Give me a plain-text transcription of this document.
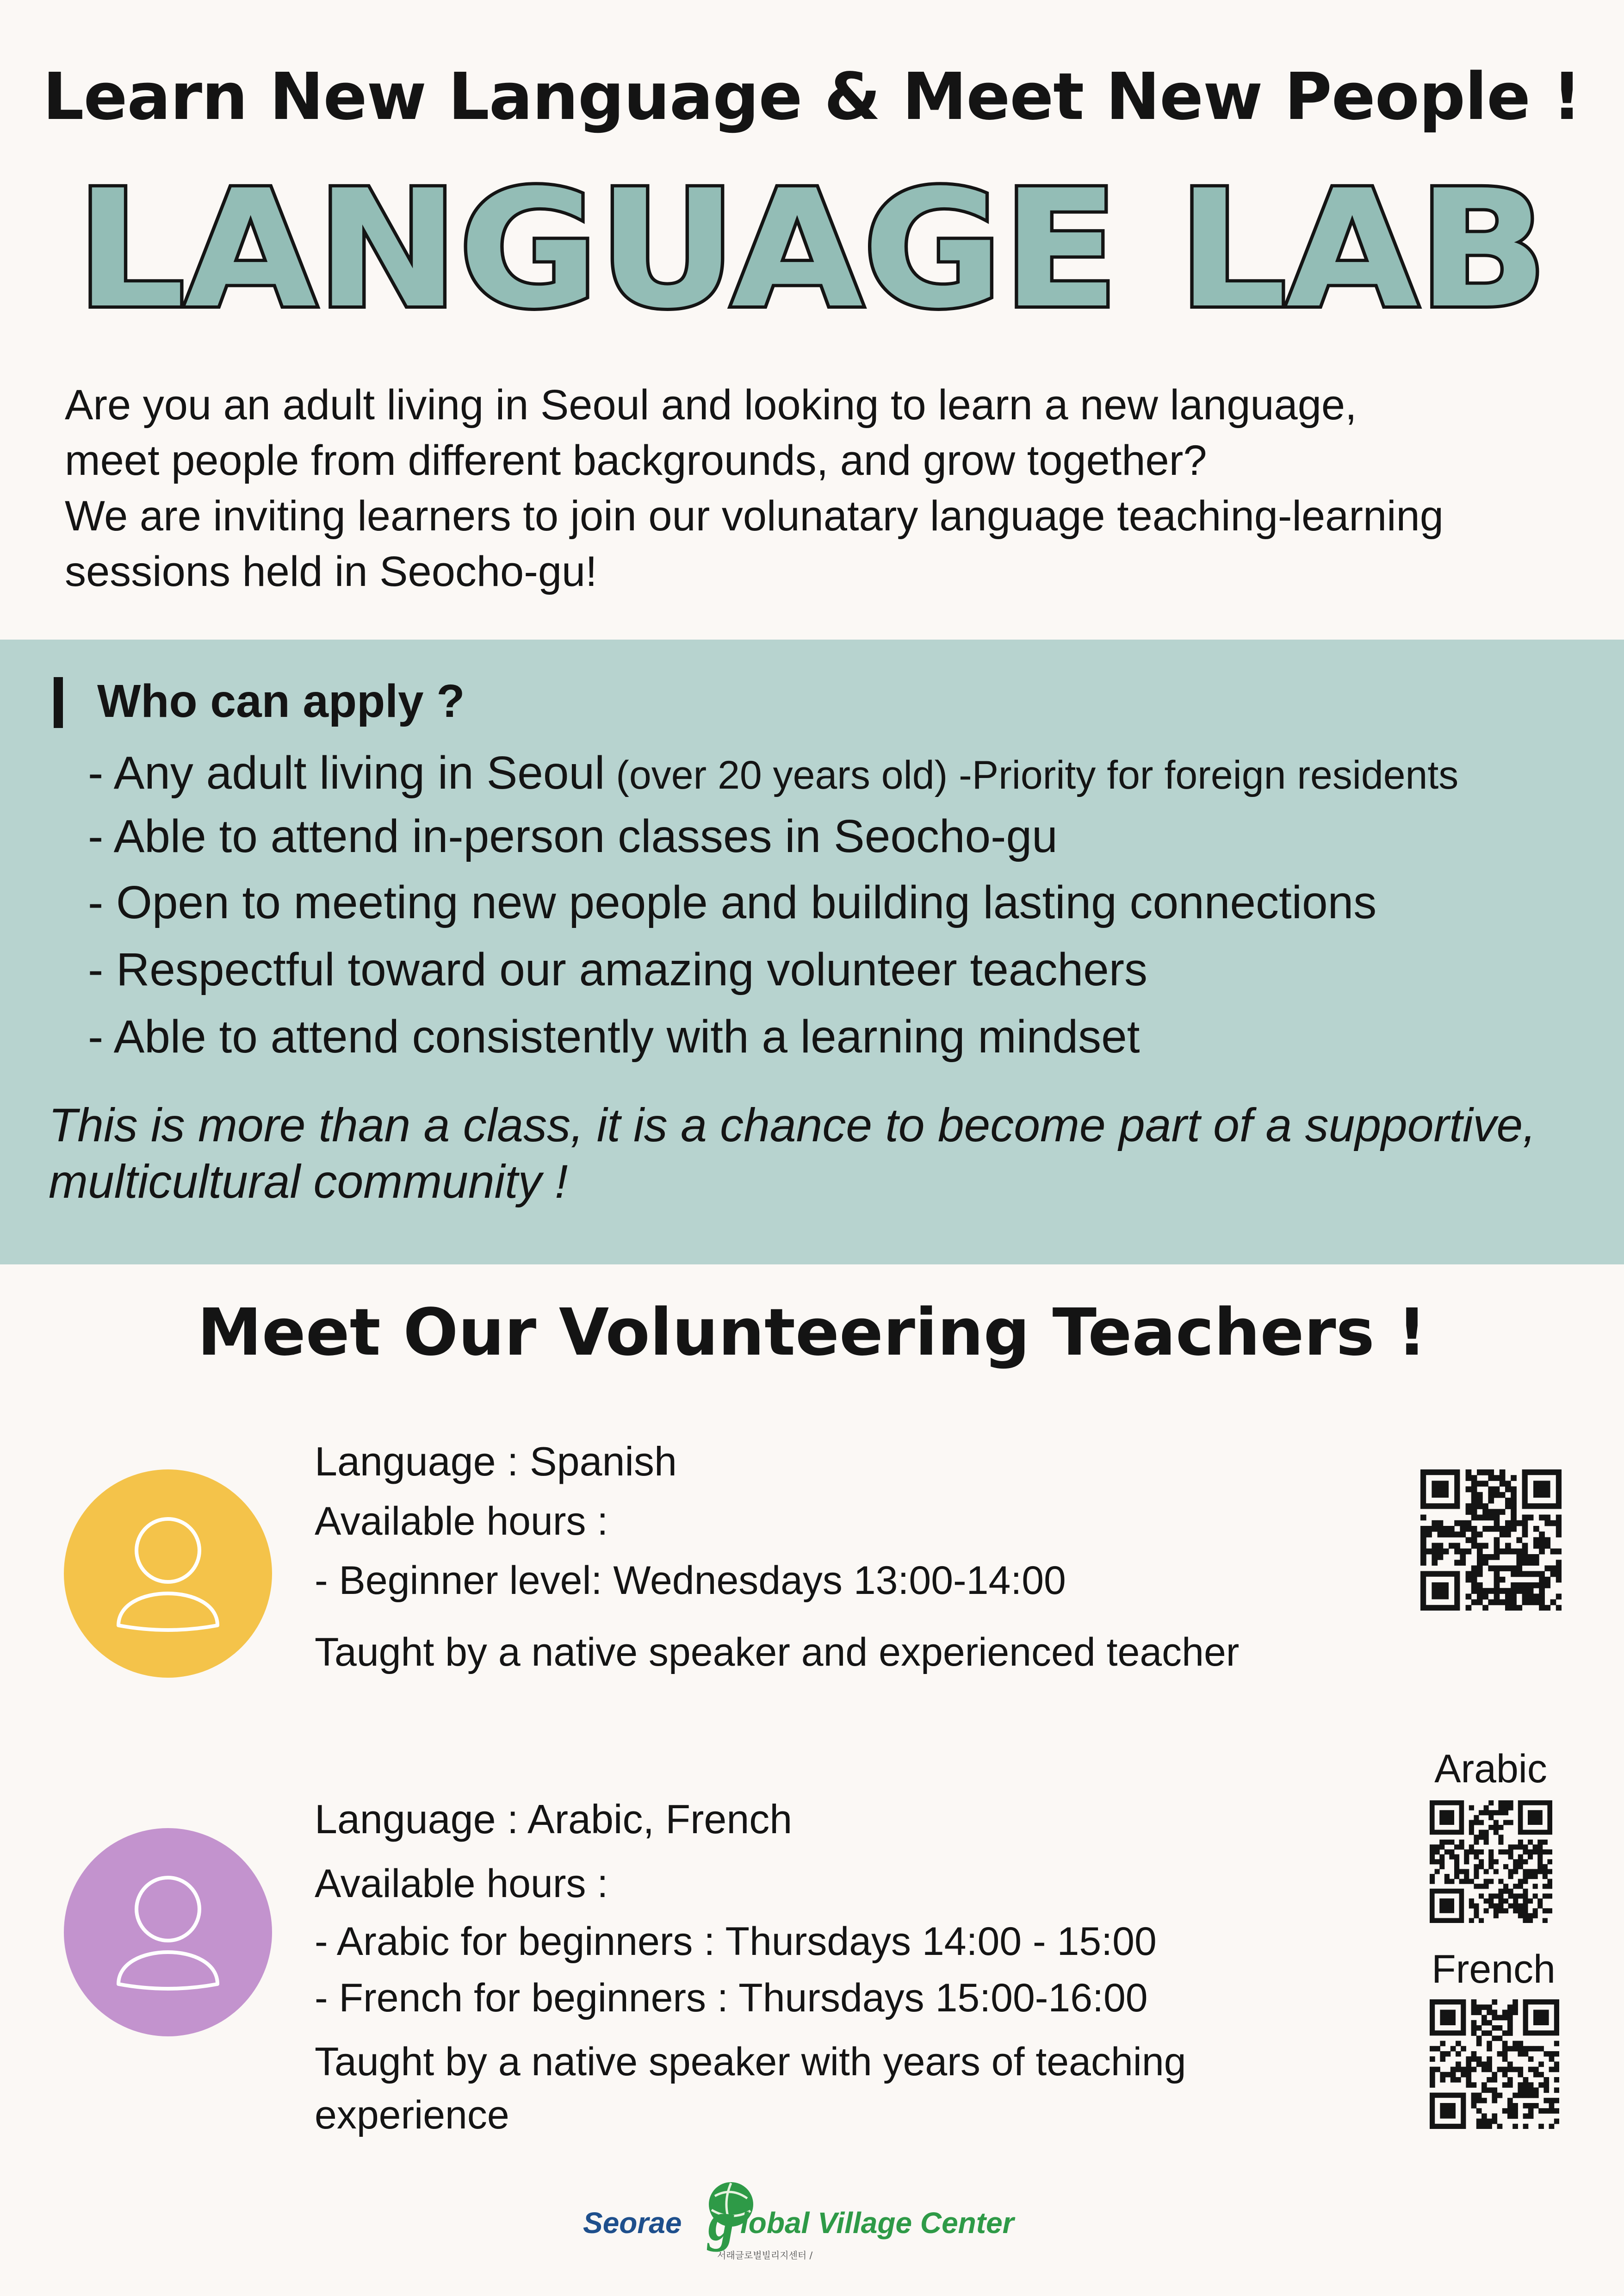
Learn New Language & Meet New People !
LANGUAGE LAB

Are you an adult living in Seoul and looking to learn a new language,

meet people from different backgrounds, and grow together?

We are inviting learners to join our volunatary language teaching-learning

sessions held in Seocho-gu!

Who can apply ?
- Any adult living in Seoul (over 20 years old) -Priority for foreign residents
- Able to attend in-person classes in Seocho-gu
- Open to meeting new people and building lasting connections
- Respectful toward our amazing volunteer teachers
- Able to attend consistently with a learning mindset
This is more than a class, it is a chance to become part of a supportive,
multicultural community !
Meet Our Volunteering Teachers !
Language : Spanish
Available hours :
- Beginner level: Wednesdays 13:00-14:00
Taught by a native speaker and experienced teacher
Language : Arabic, French
Available hours :
- Arabic for beginners : Thursdays 14:00 - 15:00
- French for beginners : Thursdays 15:00-16:00
Taught by a native speaker with years of teaching
experience
Arabic
French
Seorae g lobal Village Center
서래글로벌빌리지센터 /
